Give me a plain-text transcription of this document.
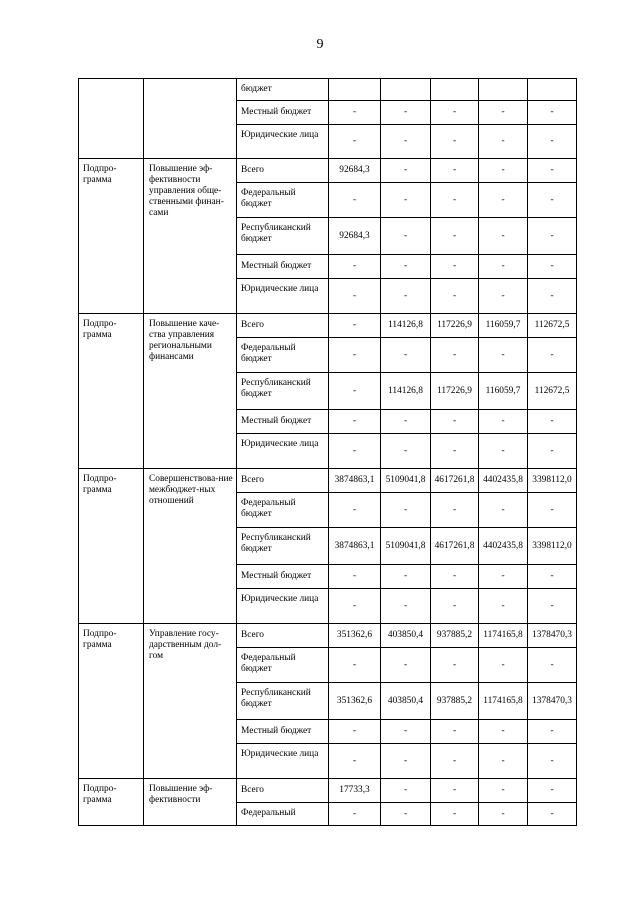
9
		бюджет					
		Местный бюджет	-	-	-	-	-
		Юридические лица	-	-	-	-	-
Подпро-грамма	Повышение эф-фективности управления обще-ственными финан-сами	Всего	92684,3	-	-	-	-
		Федеральный бюджет	-	-	-	-	-
		Республиканский бюджет	92684,3	-	-	-	-
		Местный бюджет	-	-	-	-	-
		Юридические лица	-	-	-	-	-
Подпро-грамма	Повышение каче-ства управления региональными финансами	Всего	-	114126,8	117226,9	116059,7	112672,5
		Федеральный бюджет	-	-	-	-	-
		Республиканский бюджет	-	114126,8	117226,9	116059,7	112672,5
		Местный бюджет	-	-	-	-	-
		Юридические лица	-	-	-	-	-
Подпро-грамма	Совершенствова-ние межбюджет-ных отношений	Всего	3874863,1	5109041,8	4617261,8	4402435,8	3398112,0
		Федеральный бюджет	-	-	-	-	-
		Республиканский бюджет	3874863,1	5109041,8	4617261,8	4402435,8	3398112,0
		Местный бюджет	-	-	-	-	-
		Юридические лица	-	-	-	-	-
Подпро-грамма	Управление госу-дарственным дол-гом	Всего	351362,6	403850,4	937885,2	1174165,8	1378470,3
		Федеральный бюджет	-	-	-	-	-
		Республиканский бюджет	351362,6	403850,4	937885,2	1174165,8	1378470,3
		Местный бюджет	-	-	-	-	-
		Юридические лица	-	-	-	-	-
Подпро-грамма	Повышение эф-фективности	Всего	17733,3	-	-	-	-
		Федеральный	-	-	-	-	-
